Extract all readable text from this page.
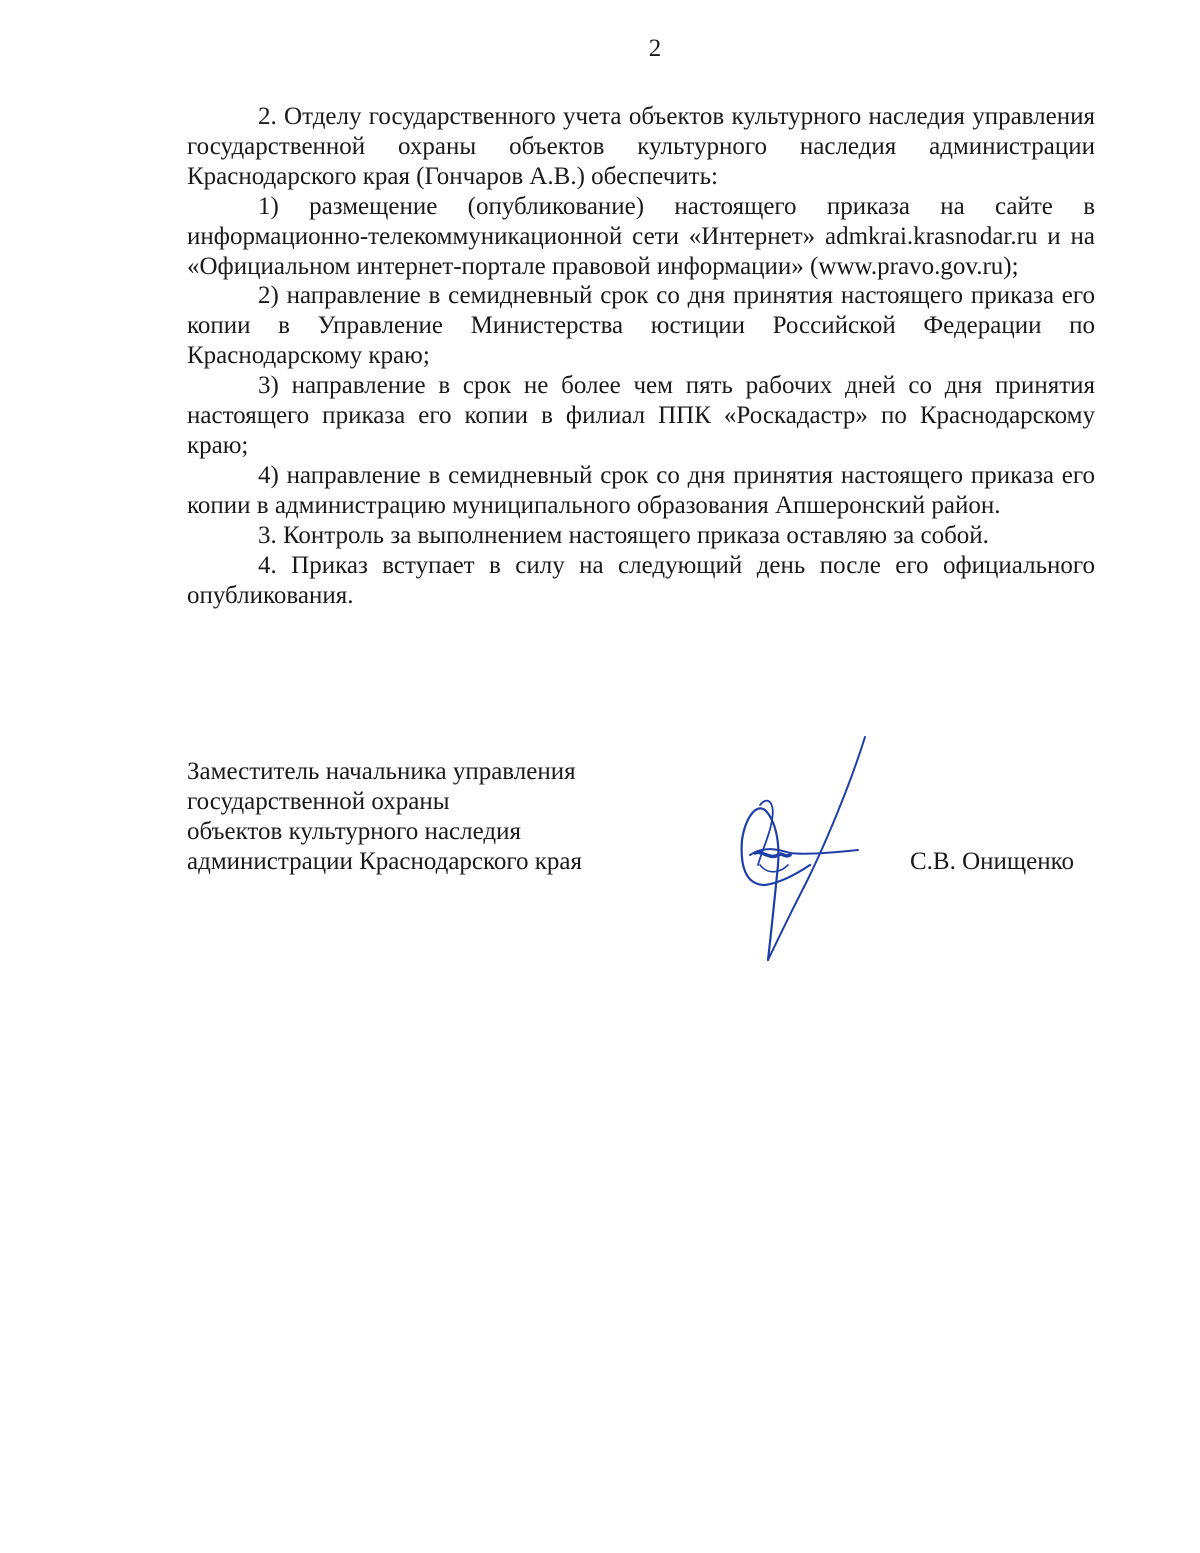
2

2. Отделу государственного учета объектов культурного наследия управления государственной охраны объектов культурного наследия администрации Краснодарского края (Гончаров А.В.) обеспечить:

1) размещение (опубликование) настоящего приказа на сайте в информационно-телекоммуникационной сети «Интернет» admkrai.krasnodar.ru и на «Официальном интернет-портале правовой информации» (www.pravo.gov.ru);

2) направление в семидневный срок со дня принятия настоящего приказа его копии в Управление Министерства юстиции Российской Федерации по Краснодарскому краю;

3) направление в срок не более чем пять рабочих дней со дня принятия настоящего приказа его копии в филиал ППК «Роскадастр» по Краснодарскому краю;

4) направление в семидневный срок со дня принятия настоящего приказа его копии в администрацию муниципального образования Апшеронский район.

3. Контроль за выполнением настоящего приказа оставляю за собой.

4. Приказ вступает в силу на следующий день после его официального опубликования.

Заместитель начальника управления
государственной охраны
объектов культурного наследия
администрации Краснодарского края	С.В. Онищенко
